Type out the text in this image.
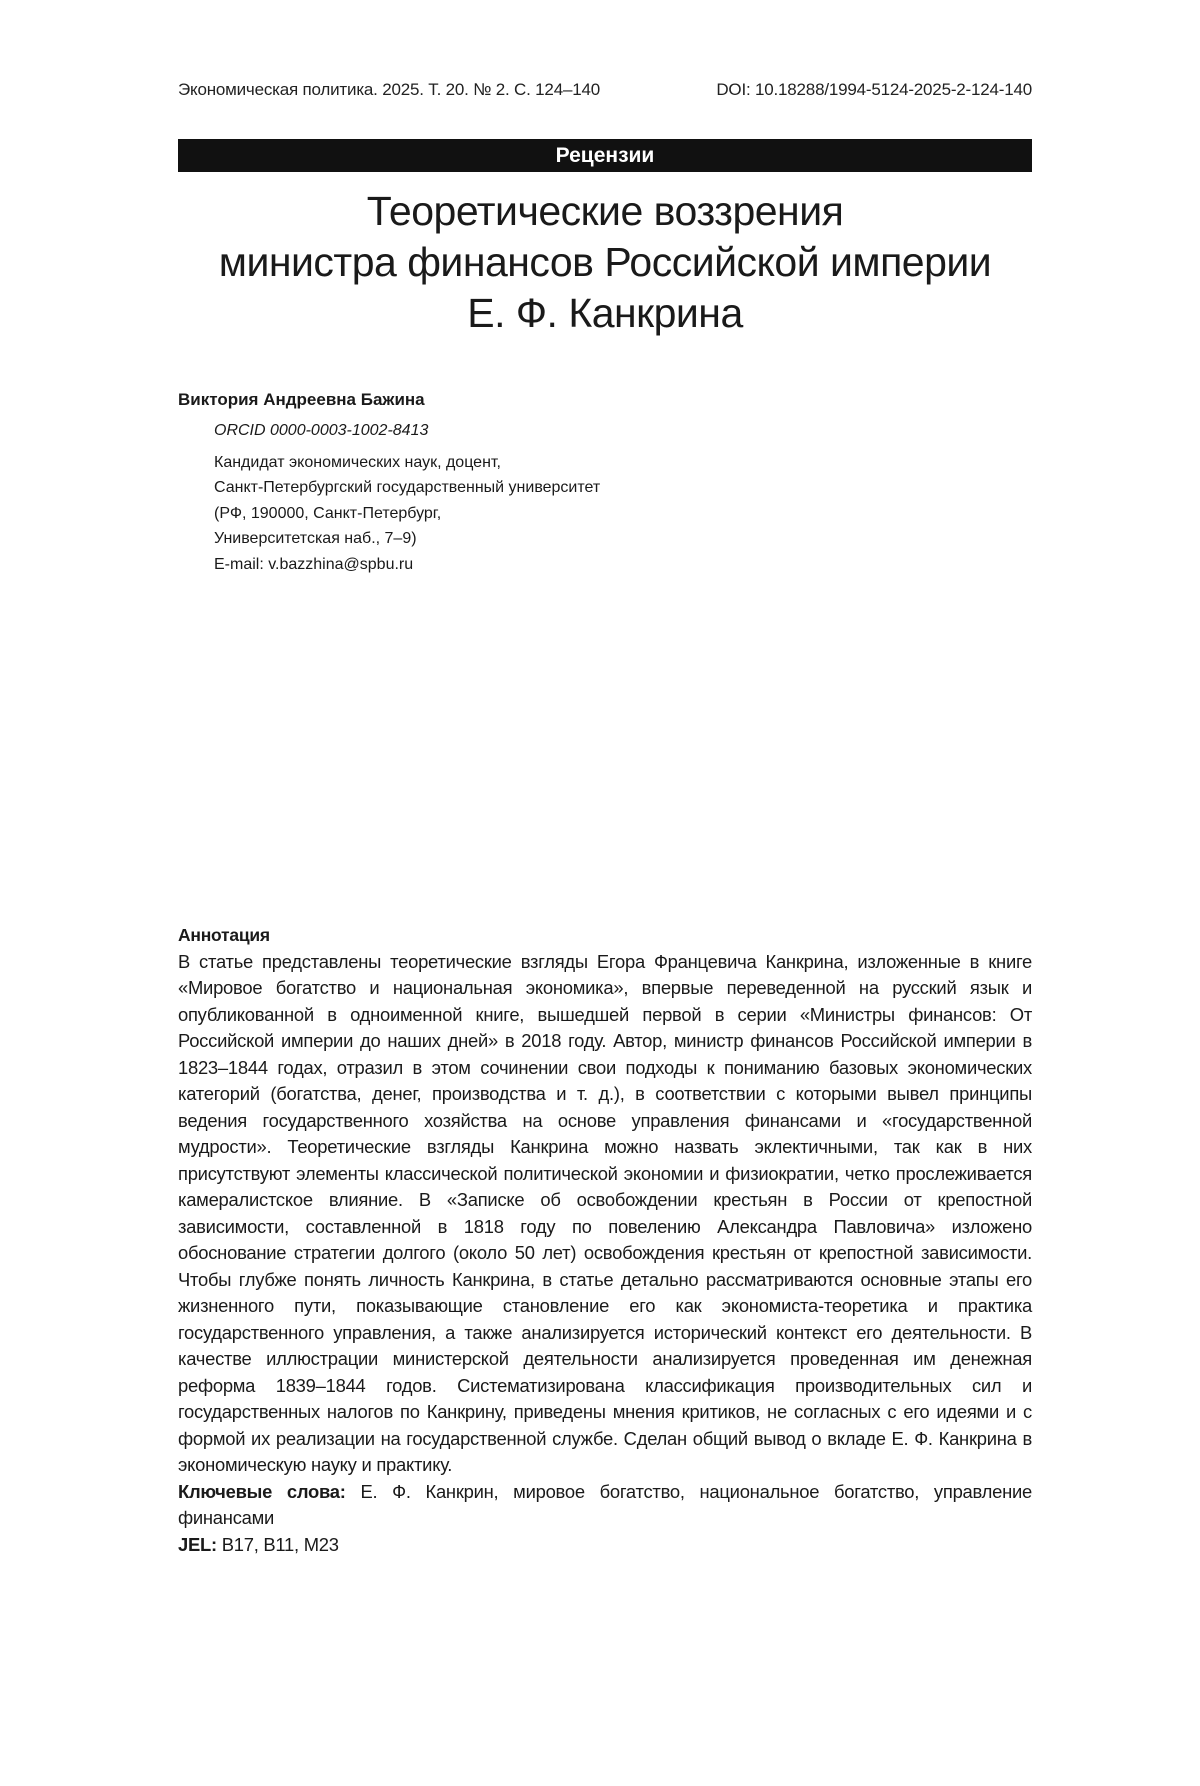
Экономическая политика. 2025. Т. 20. № 2. С. 124–140	DOI: 10.18288/1994-5124-2025-2-124-140
Рецензии
Теоретические воззрения
министра финансов Российской империи
Е. Ф. Канкрина
Виктория Андреевна Бажина
ORCID 0000-0003-1002-8413
Кандидат экономических наук, доцент,
Санкт-Петербургский государственный университет
(РФ, 190000, Санкт-Петербург,
Университетская наб., 7–9)
E-mail: v.bazzhina@spbu.ru
Аннотация
В статье представлены теоретические взгляды Егора Францевича Канкрина, изложенные в книге «Мировое богатство и национальная экономика», впервые переведенной на русский язык и опубликованной в одноименной книге, вышедшей первой в серии «Министры финансов: От Российской империи до наших дней» в 2018 году. Автор, министр финансов Российской империи в 1823–1844 годах, отразил в этом сочинении свои подходы к пониманию базовых экономических категорий (богатства, денег, производства и т. д.), в соответствии с которыми вывел принципы ведения государственного хозяйства на основе управления финансами и «государственной мудрости». Теоретические взгляды Канкрина можно назвать эклектичными, так как в них присутствуют элементы классической политической экономии и физиократии, четко прослеживается камералистское влияние. В «Записке об освобождении крестьян в России от крепостной зависимости, составленной в 1818 году по повелению Александра Павловича» изложено обоснование стратегии долгого (около 50 лет) освобождения крестьян от крепостной зависимости. Чтобы глубже понять личность Канкрина, в статье детально рассматриваются основные этапы его жизненного пути, показывающие становление его как экономиста-теоретика и практика государственного управления, а также анализируется исторический контекст его деятельности. В качестве иллюстрации министерской деятельности анализируется проведенная им денежная реформа 1839–1844 годов. Систематизирована классификация производительных сил и государственных налогов по Канкрину, приведены мнения критиков, не согласных с его идеями и с формой их реализации на государственной службе. Сделан общий вывод о вкладе Е. Ф. Канкрина в экономическую науку и практику.
Ключевые слова: Е. Ф. Канкрин, мировое богатство, национальное богатство, управление финансами
JEL: B17, B11, M23
